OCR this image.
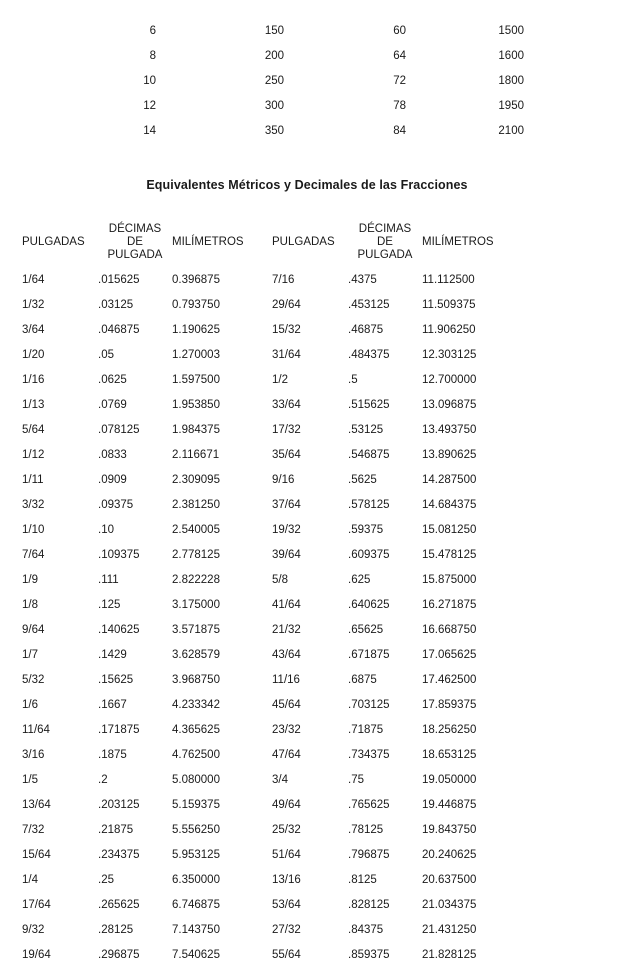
6	150	60	1500	
8	200	64	1600	
10	250	72	1800	
12	300	78	1950	
14	350	84	2100	
Equivalentes Métricos y Decimales de las Fracciones
PULGADAS	DÉCIMAS
DE
PULGADA	MILÍMETROS	PULGADAS	DÉCIMAS
DE
PULGADA	MILÍMETROS

1/64	.015625	0.396875	7/16	.4375	11.112500
1/32	.03125	0.793750	29/64	.453125	11.509375
3/64	.046875	1.190625	15/32	.46875	11.906250
1/20	.05	1.270003	31/64	.484375	12.303125
1/16	.0625	1.597500	1/2	.5	12.700000
1/13	.0769	1.953850	33/64	.515625	13.096875
5/64	.078125	1.984375	17/32	.53125	13.493750
1/12	.0833	2.116671	35/64	.546875	13.890625
1/11	.0909	2.309095	9/16	.5625	14.287500
3/32	.09375	2.381250	37/64	.578125	14.684375
1/10	.10	2.540005	19/32	.59375	15.081250
7/64	.109375	2.778125	39/64	.609375	15.478125
1/9	.111	2.822228	5/8	.625	15.875000
1/8	.125	3.175000	41/64	.640625	16.271875
9/64	.140625	3.571875	21/32	.65625	16.668750
1/7	.1429	3.628579	43/64	.671875	17.065625
5/32	.15625	3.968750	11/16	.6875	17.462500
1/6	.1667	4.233342	45/64	.703125	17.859375
11/64	.171875	4.365625	23/32	.71875	18.256250
3/16	.1875	4.762500	47/64	.734375	18.653125
1/5	.2	5.080000	3/4	.75	19.050000
13/64	.203125	5.159375	49/64	.765625	19.446875
7/32	.21875	5.556250	25/32	.78125	19.843750
15/64	.234375	5.953125	51/64	.796875	20.240625
1/4	.25	6.350000	13/16	.8125	20.637500
17/64	.265625	6.746875	53/64	.828125	21.034375
9/32	.28125	7.143750	27/32	.84375	21.431250
19/64	.296875	7.540625	55/64	.859375	21.828125
